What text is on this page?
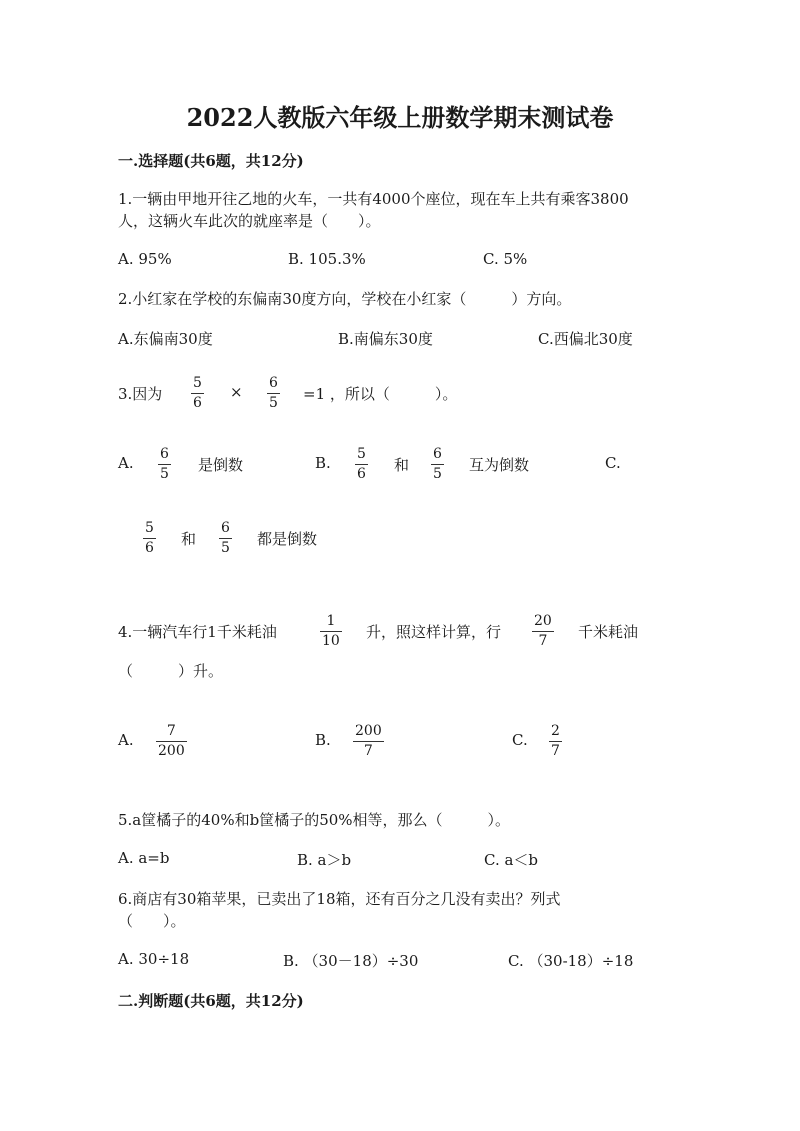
2022人教版六年级上册数学期末测试卷
一.选择题(共6题，共12分)
1.一辆由甲地开往乙地的火车，一共有4000个座位，现在车上共有乘客3800
人，这辆火车此次的就座率是（　　）。
A. 95%	B. 105.3%	C. 5%
2.小红家在学校的东偏南30度方向，学校在小红家（　　　）方向。
A.东偏南30度	B.南偏东30度	C.西偏北30度
3.因为
5
6
× 6
5 =1 ，所以（　　　）。
A. 6
5 是倒数	B. 5
6 和
6
5 互为倒数	C.
5
6 和
6
5 都是倒数
4.一辆汽车行1千米耗油
1
10 升，照这样计算，行
20
7 千米耗油
（　　　）升。
A. 7
200
B. 200
7
C. 2
7
5.a筐橘子的40%和b筐橘子的50%相等，那么（　　　）。
A. a=b	B. a＞b	C. a＜b
6.商店有30箱苹果，已卖出了18箱，还有百分之几没有卖出？列式
（　　）。
A. 30÷18	B. （30－18）÷30	C. （30-18）÷18
二.判断题(共6题，共12分)
